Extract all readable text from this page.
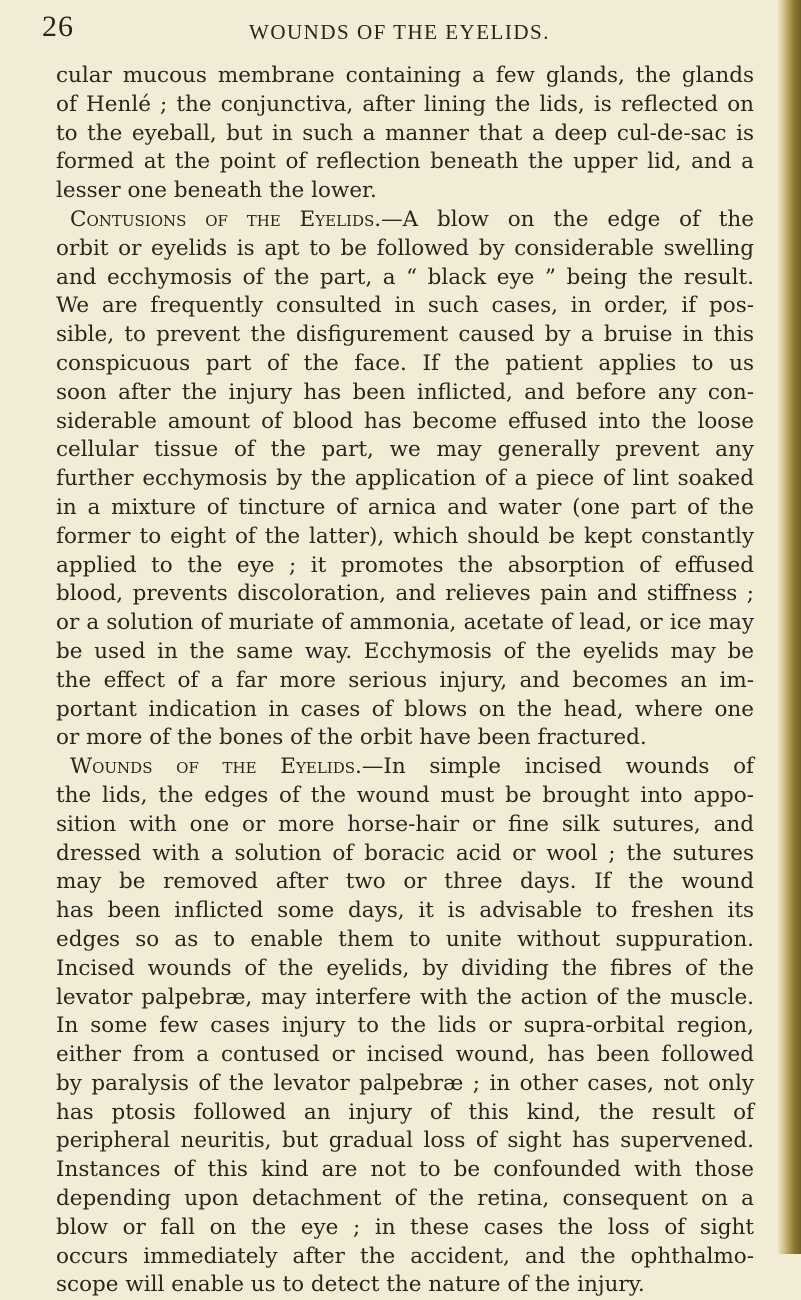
26	WOUNDS OF THE EYELIDS.
cular mucous membrane containing a few glands, the glands
of Henlé ; the conjunctiva, after lining the lids, is reflected on
to the eyeball, but in such a manner that a deep cul-de-sac is
formed at the point of reflection beneath the upper lid, and a
lesser one beneath the lower.
Contusions of the Eyelids.—A blow on the edge of the
orbit or eyelids is apt to be followed by considerable swelling
and ecchymosis of the part, a “ black eye ” being the result.
We are frequently consulted in such cases, in order, if pos-
sible, to prevent the disfigurement caused by a bruise in this
conspicuous part of the face. If the patient applies to us
soon after the injury has been inflicted, and before any con-
siderable amount of blood has become effused into the loose
cellular tissue of the part, we may generally prevent any
further ecchymosis by the application of a piece of lint soaked
in a mixture of tincture of arnica and water (one part of the
former to eight of the latter), which should be kept constantly
applied to the eye ; it promotes the absorption of effused
blood, prevents discoloration, and relieves pain and stiffness ;
or a solution of muriate of ammonia, acetate of lead, or ice may
be used in the same way. Ecchymosis of the eyelids may be
the effect of a far more serious injury, and becomes an im-
portant indication in cases of blows on the head, where one
or more of the bones of the orbit have been fractured.
Wounds of the Eyelids.—In simple incised wounds of
the lids, the edges of the wound must be brought into appo-
sition with one or more horse-hair or fine silk sutures, and
dressed with a solution of boracic acid or wool ; the sutures
may be removed after two or three days. If the wound
has been inflicted some days, it is advisable to freshen its
edges so as to enable them to unite without suppuration.
Incised wounds of the eyelids, by dividing the fibres of the
levator palpebræ, may interfere with the action of the muscle.
In some few cases injury to the lids or supra-orbital region,
either from a contused or incised wound, has been followed
by paralysis of the levator palpebræ ; in other cases, not only
has ptosis followed an injury of this kind, the result of
peripheral neuritis, but gradual loss of sight has supervened.
Instances of this kind are not to be confounded with those
depending upon detachment of the retina, consequent on a
blow or fall on the eye ; in these cases the loss of sight
occurs immediately after the accident, and the ophthalmo-
scope will enable us to detect the nature of the injury.
